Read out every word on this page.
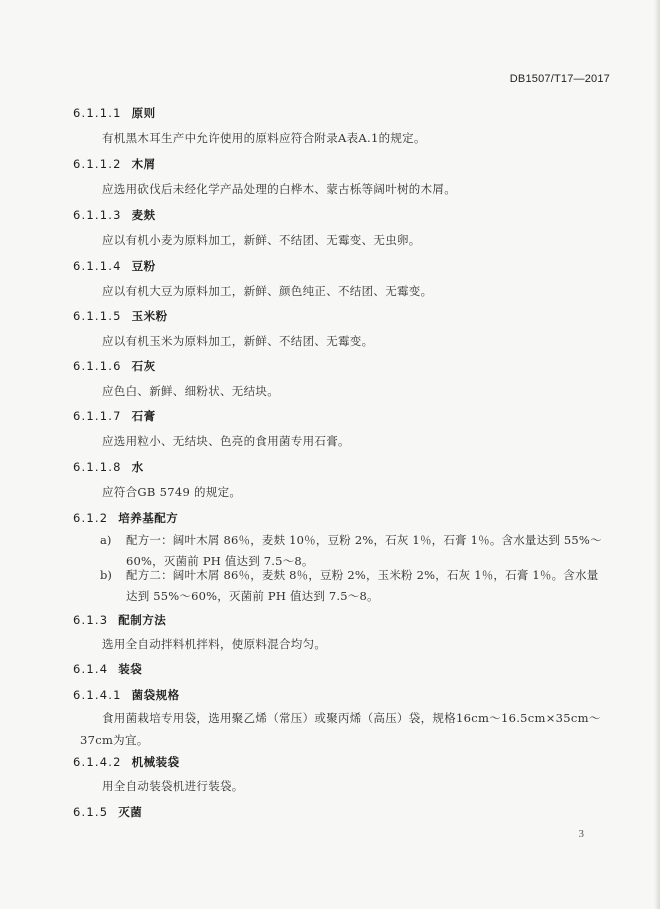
DB1507/T17—2017
6.1.1.1 原则
有机黑木耳生产中允许使用的原料应符合附录A表A.1的规定。
6.1.1.2 木屑
应选用砍伐后未经化学产品处理的白桦木、蒙古栎等阔叶树的木屑。
6.1.1.3 麦麸
应以有机小麦为原料加工，新鲜、不结团、无霉变、无虫卵。
6.1.1.4 豆粉
应以有机大豆为原料加工，新鲜、颜色纯正、不结团、无霉变。
6.1.1.5 玉米粉
应以有机玉米为原料加工，新鲜、不结团、无霉变。
6.1.1.6 石灰
应色白、新鲜、细粉状、无结块。
6.1.1.7 石膏
应选用粒小、无结块、色亮的食用菌专用石膏。
6.1.1.8 水
应符合GB 5749 的规定。
6.1.2 培养基配方
a) 配方一：阔叶木屑 86％，麦麸 10％，豆粉 2%，石灰 1％，石膏 1％。含水量达到 55%～60%，灭菌前 PH 值达到 7.5～8。
b) 配方二：阔叶木屑 86％，麦麸 8％，豆粉 2%，玉米粉 2%，石灰 1％，石膏 1％。含水量达到 55%～60%，灭菌前 PH 值达到 7.5～8。
6.1.3 配制方法
选用全自动拌料机拌料，使原料混合均匀。
6.1.4 装袋
6.1.4.1 菌袋规格
食用菌栽培专用袋，选用聚乙烯（常压）或聚丙烯（高压）袋，规格16cm～16.5cm×35cm～37cm为宜。
6.1.4.2 机械装袋
用全自动装袋机进行装袋。
6.1.5 灭菌
3
